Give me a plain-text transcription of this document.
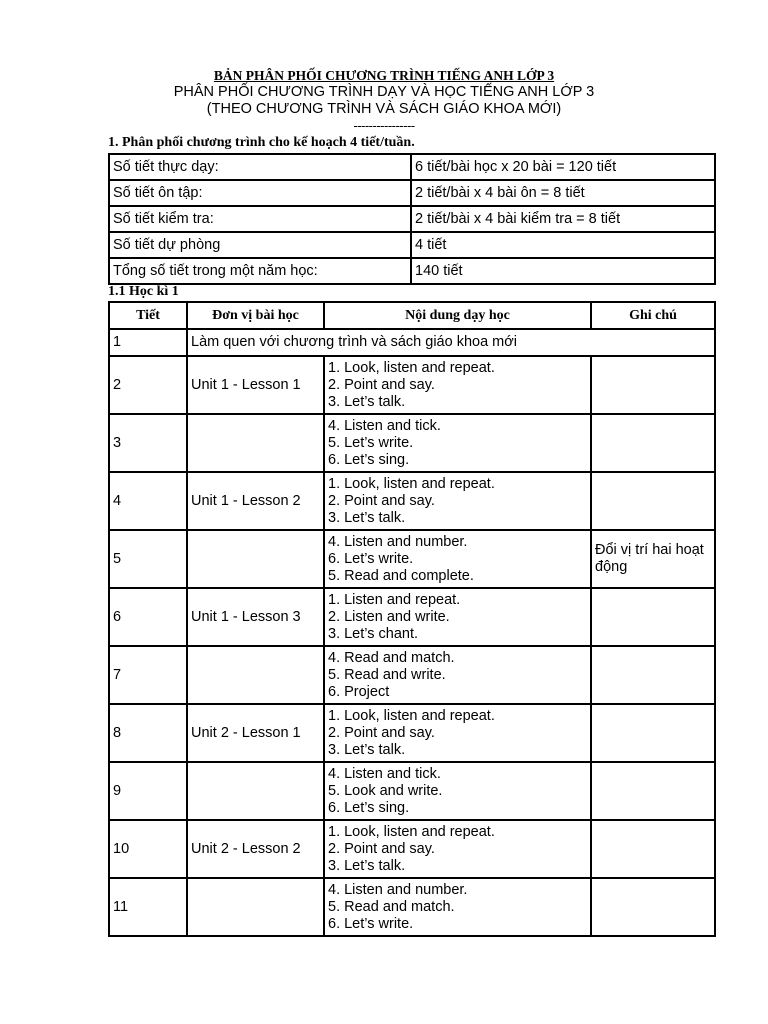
BẢN PHÂN PHỐI CHƯƠNG TRÌNH TIẾNG ANH LỚP 3
PHÂN PHỐI CHƯƠNG TRÌNH DẠY VÀ HỌC TIẾNG ANH LỚP 3
(THEO CHƯƠNG TRÌNH VÀ SÁCH GIÁO KHOA MỚI)
----------------
1. Phân phối chương trình cho kế hoạch 4 tiết/tuần.
Số tiết thực dạy:	6 tiết/bài học x 20 bài = 120 tiết
Số tiết ôn tập:	2 tiết/bài x 4 bài ôn = 8 tiết
Số tiết kiểm tra:	2 tiết/bài x 4 bài kiểm tra = 8 tiết
Số tiết dự phòng	4 tiết
Tổng số tiết trong một năm học:	140 tiết
1.1 Học kì 1
Tiết	Đơn vị bài học	Nội dung dạy học	Ghi chú
1	Làm quen với chương trình và sách giáo khoa mới		
2	Unit 1 - Lesson 1	1. Look, listen and repeat.
2. Point and say.
3. Let’s talk.	

3		4. Listen and tick.
5. Let’s write.
6. Let’s sing.	

4	Unit 1 - Lesson 2	1. Look, listen and repeat.
2. Point and say.
3. Let’s talk.	

5		4. Listen and number.
6. Let’s write.
5. Read and complete.	Đổi vị trí hai hoạt động
6	Unit 1 - Lesson 3	1. Listen and repeat.
2. Listen and write.
3. Let’s chant.	

7		4. Read and match.
5. Read and write.
6. Project	

8	Unit 2 - Lesson 1	1. Look, listen and repeat.
2. Point and say.
3. Let’s talk.	

9		4. Listen and tick.
5. Look and write.
6. Let’s sing.	

10	Unit 2 - Lesson 2	1. Look, listen and repeat.
2. Point and say.
3. Let’s talk.	

11		4. Listen and number.
5. Read and match.
6. Let’s write.	
